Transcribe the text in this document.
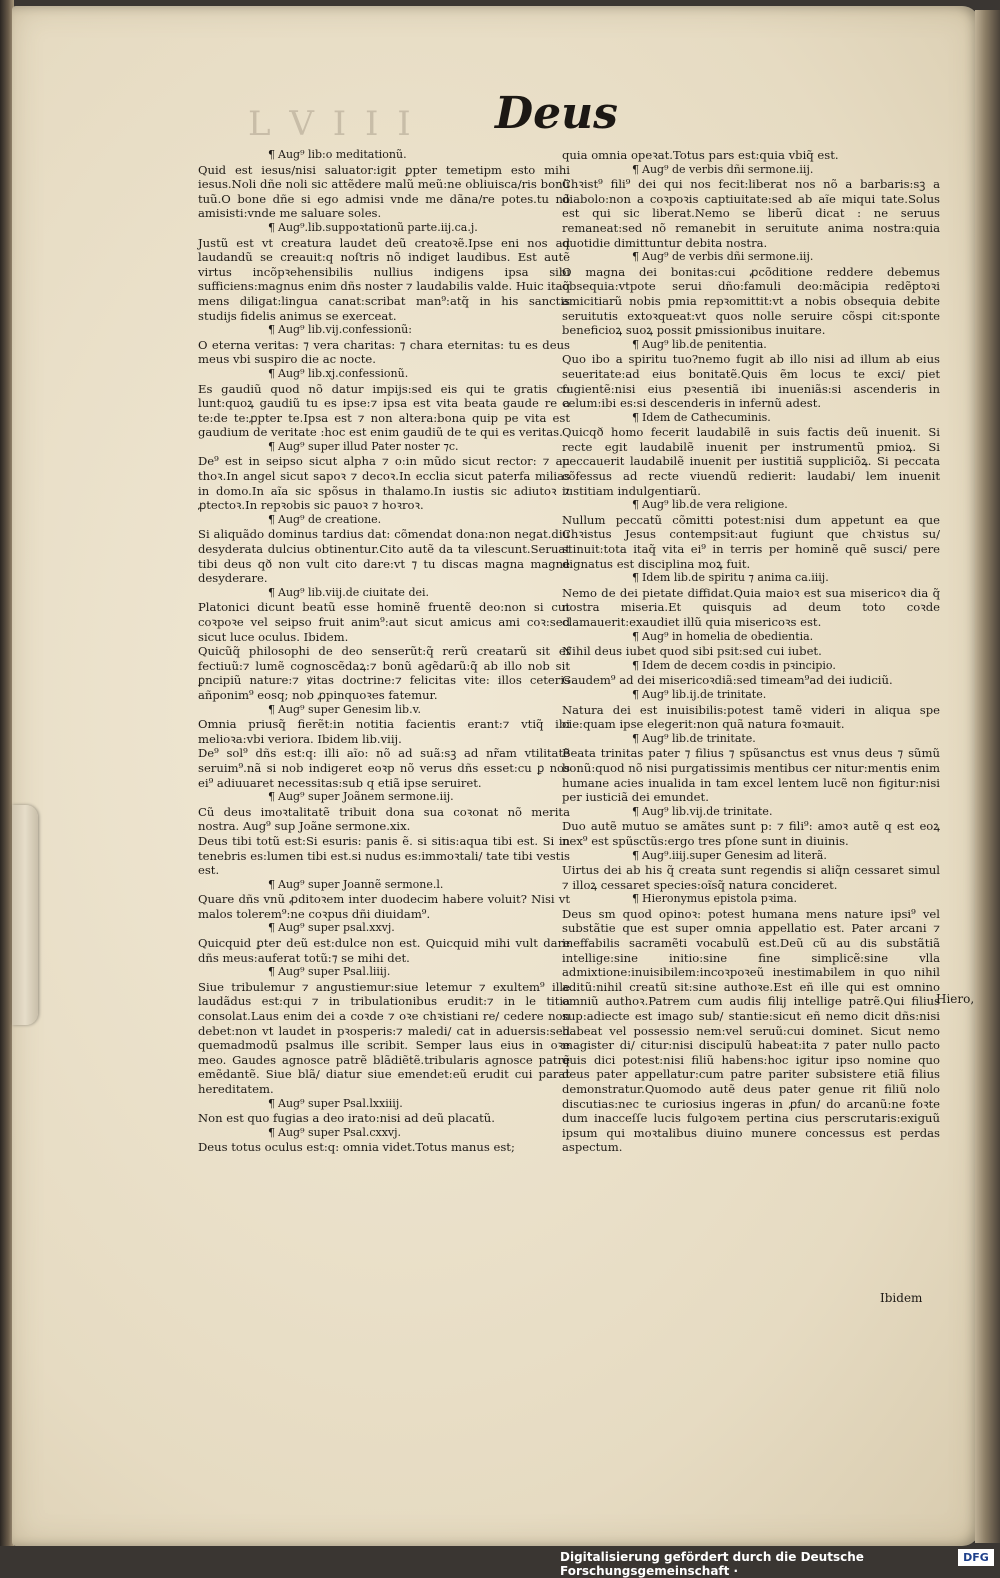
L V I I I Deus
¶ Aug⁹ lib:o meditationũ.
Quid est iesus/nisi saluator:igit ꝑpter temetipm esto mihi iesus.Noli dñe noli sic attẽdere malũ meũ:ne obliuisca/ris bonũ tuũ.O bone dñe si ego admisi vnde me dãna/re potes.tu nõ amisisti:vnde me saluare soles.
¶ Aug⁹.lib.suppoꝛtationũ parte.iij.ca.j.
Justũ est vt creatura laudet deũ creatoꝛẽ.Ipse eni nos ad laudandũ se creauit:q noſtris nõ indiget laudibus. Est autẽ virtus incõpꝛehensibilis nullius indigens ipsa sibi sufficiens:magnus enim dñs noster ⁊ laudabilis valde. Huic itaq̃ mens diligat:lingua canat:scribat man⁹:atq̃ in his sanctis studijs fidelis animus se exerceat.
¶ Aug⁹ lib.vij.confessionũ:
O eterna veritas: ⁊ vera charitas: ⁊ chara eternitas: tu es deus meus vbi suspiro die ac nocte.
¶ Aug⁹ lib.xj.confessionũ.
Es gaudiũ quod nõ datur impijs:sed eis qui te gratis co lunt:quoꝝ gaudiũ tu es ipse:⁊ ipsa est vita beata gaude re a te:de te:ꝓpter te.Ipsa est ⁊ non altera:bona quip pe vita est gaudium de veritate :hoc est enim gaudiũ de te qui es veritas.
¶ Aug⁹ super illud Pater noster ⁊c.
De⁹ est in seipso sicut alpha ⁊ o:in mũdo sicut rector: ⁊ au thoꝛ.In angel sicut sapoꝛ ⁊ decoꝛ.In ecclia sicut paterfa milias in domo.In aĩa sic spõsus in thalamo.In iustis sic adiutoꝛ ⁊ ꝓtectoꝛ.In repꝛobis sic pauoꝛ ⁊ hoꝛroꝛ.
¶ Aug⁹ de creatione.
Si aliquãdo dominus tardius dat: cõmendat dona:non negat.diu desyderata dulcius obtinentur.Cito autẽ da ta vilescunt.Seruat tibi deus qð non vult cito dare:vt ⁊ tu discas magna magne desyderare.
¶ Aug⁹ lib.viij.de ciuitate dei.
Platonici dicunt beatũ esse hominẽ fruentẽ deo:non si cut coꝛpoꝛe vel seipso fruit anim⁹:aut sicut amicus ami coꝛ:sed sicut luce oculus. Ibidem.
Quicũq̃ philosophi de deo senserũt:q̃ rerũ creatarũ sit ef fectiuũ:⁊ lumẽ cognoscẽdaꝝ:⁊ bonũ agẽdarũ:q̃ ab illo nob sit ꝑncipiũ nature:⁊ ꝟitas doctrine:⁊ felicitas vite: illos ceteris añponim⁹ eosq; nob ꝓpinquoꝛes fatemur.
¶ Aug⁹ super Genesim lib.v.
Omnia priusq̃ fierẽt:in notitia facientis erant:⁊ vtiq̃ ibi melioꝛa:vbi veriora. Ibidem lib.viij.
De⁹ sol⁹ dñs est:q: illi aĩo: nõ ad suã:sꝫ ad nr̃am vtilitatẽ seruim⁹.nã si nob indigeret eoꝛp nõ verus dñs esset:cu ꝑ nos ei⁹ adiuuaret necessitas:sub q etiã ipse seruiret.
¶ Aug⁹ super Joãnem sermone.iij.
Cũ deus imoꝛtalitatẽ tribuit dona sua coꝛonat nõ merita nostra. Aug⁹ sup Joãne sermone.xix.
Deus tibi totũ est:Si esuris: panis ẽ. si sitis:aqua tibi est. Si in tenebris es:lumen tibi est.si nudus es:immoꝛtali/ tate tibi vestis est.
¶ Aug⁹ super Joannẽ sermone.l.
Quare dñs vnũ ꝓditoꝛem inter duodecim habere voluit? Nisi vt malos tolerem⁹:ne coꝛpus dñi diuidam⁹.
¶ Aug⁹ super psal.xxvj.
Quicquid ꝑter deũ est:dulce non est. Quicquid mihi vult dare dñs meus:auferat totũ:⁊ se mihi det.
¶ Aug⁹ super Psal.liiij.
Siue tribulemur ⁊ angustiemur:siue letemur ⁊ exultem⁹ ille laudãdus est:qui ⁊ in tribulationibus erudit:⁊ in le titia consolat.Laus enim dei a coꝛde ⁊ oꝛe chꝛistiani re/ cedere non debet:non vt laudet in pꝛosperis:⁊ maledi/ cat in aduersis:sed quemadmodũ psalmus ille scribit. Semper laus eius in oꝛe meo. Gaudes agnosce patrẽ blãdiẽtẽ.tribularis agnosce patrẽ emẽdantẽ. Siue blã/ diatur siue emendet:eũ erudit cui parat hereditatem.
¶ Aug⁹ super Psal.lxxiiij.
Non est quo fugias a deo irato:nisi ad deũ placatũ.
¶ Aug⁹ super Psal.cxxvj.
Deus totus oculus est:q: omnia videt.Totus manus est;
quia omnia opeꝛat.Totus pars est:quia vbiq̃ est.
¶ Aug⁹ de verbis dñi sermone.iij.
Chꝛist⁹ fili⁹ dei qui nos fecit:liberat nos nõ a barbaris:sꝫ a diabolo:non a coꝛpoꝛis captiuitate:sed ab aĩe miqui tate.Solus est qui sic liberat.Nemo se liberũ dicat : ne seruus remaneat:sed nõ remanebit in seruitute anima nostra:quia quotidie dimittuntur debita nostra.
¶ Aug⁹ de verbis dñi sermone.iij.
O magna dei bonitas:cui ꝓcõditione reddere debemus obsequia:vtpote serui dño:famuli deo:mãcipia redẽptoꝛi amicitiarũ nobis pmia repꝛomittit:vt a nobis obsequia debite seruitutis extoꝛqueat:vt quos nolle seruire cõspi cit:sponte beneficioꝝ suoꝝ possit ꝑmissionibus inuitare.
¶ Aug⁹ lib.de penitentia.
Quo ibo a spiritu tuo?nemo fugit ab illo nisi ad illum ab eius seueritate:ad eius bonitatẽ.Quis ẽm locus te exci/ piet fugientẽ:nisi eius pꝛesentiã ibi inueniãs:si ascenderis in celum:ibi es:si descenderis in infernũ adest.
¶ Idem de Cathecuminis.
Quicqð homo fecerit laudabilẽ in suis factis deũ inuenit. Si recte egit laudabilẽ inuenit per instrumentũ pmioꝝ. Si peccauerit laudabilẽ inuenit per iustitiã suppliciõꝝ. Si peccata cõfessus ad recte viuendũ redierit: laudabi/ lem inuenit iustitiam indulgentiarũ.
¶ Aug⁹ lib.de vera religione.
Nullum peccatũ cõmitti potest:nisi dum appetunt ea que Chꝛistus Jesus contempsit:aut fugiunt que chꝛistus su/ stinuit:tota itaq̃ vita ei⁹ in terris per hominẽ quẽ susci/ pere dignatus est disciplina moꝝ fuit.
¶ Idem lib.de spiritu ⁊ anima ca.iiij.
Nemo de dei pietate diffidat.Quia maioꝛ est sua misericoꝛ dia q̃ nostra miseria.Et quisquis ad deum toto coꝛde clamauerit:exaudiet illũ quia misericoꝛs est.
¶ Aug⁹ in homelia de obedientia.
Nihil deus iubet quod sibi psit:sed cui iubet.
¶ Idem de decem coꝛdis in pꝛincipio.
Gaudem⁹ ad dei misericoꝛdiã:sed timeam⁹ad dei iudiciũ.
¶ Aug⁹ lib.ij.de trinitate.
Natura dei est inuisibilis:potest tamẽ videri in aliqua spe cie:quam ipse elegerit:non quã natura foꝛmauit.
¶ Aug⁹ lib.de trinitate.
Beata trinitas pater ⁊ filius ⁊ spũsanctus est vnus deus ⁊ sũmũ bonũ:quod nõ nisi purgatissimis mentibus cer nitur:mentis enim humane acies inualida in tam excel lentem lucẽ non figitur:nisi per iusticiã dei emundet.
¶ Aug⁹ lib.vij.de trinitate.
Duo autẽ mutuo se amãtes sunt p: ⁊ fili⁹: amoꝛ autẽ q est eoꝝ nex⁹ est spũsctũs:ergo tres pſone sunt in diuinis.
¶ Aug⁹.iiij.super Genesim ad literã.
Uirtus dei ab his q̃ creata sunt regendis si aliq̃n cessaret simul ⁊ illoꝝ cessaret species:oĩsq̃ natura concideret.
¶ Hieronymus epistola pꝛima.
Deus sm quod opinoꝛ: potest humana mens nature ipsi⁹ vel substãtie que est super omnia appellatio est. Pater arcani ⁊ ineffabilis sacramẽti vocabulũ est.Deũ cũ au dis substãtiã intellige:sine initio:sine fine simplicẽ:sine vlla admixtione:inuisibilem:incoꝛpoꝛeũ inestimabilem in quo nihil aditũ:nihil creatũ sit:sine authoꝛe.Est eñ ille qui est omnino omniũ authoꝛ.Patrem cum audis filij intellige patrẽ.Qui filius sup:adiecte est imago sub/ stantie:sicut eñ nemo dicit dñs:nisi habeat vel possessio nem:vel seruũ:cui dominet. Sicut nemo magister di/ citur:nisi discipulũ habeat:ita ⁊ pater nullo pacto quis dici potest:nisi filiũ habens:hoc igitur ipso nomine quo deus pater appellatur:cum patre pariter subsistere etiã filius demonstratur.Quomodo autẽ deus pater genue rit filiũ nolo discutias:nec te curiosius ingeras in ꝓfun/ do arcanũ:ne foꝛte dum inacceſſe lucis fulgoꝛem pertina cius perscrutaris:exiguũ ipsum qui moꝛtalibus diuino munere concessus est perdas aspectum.
Hiero,
Ibidem
Digitalisierung gefördert durch die Deutsche Forschungsgemeinschaft ·
DFG
